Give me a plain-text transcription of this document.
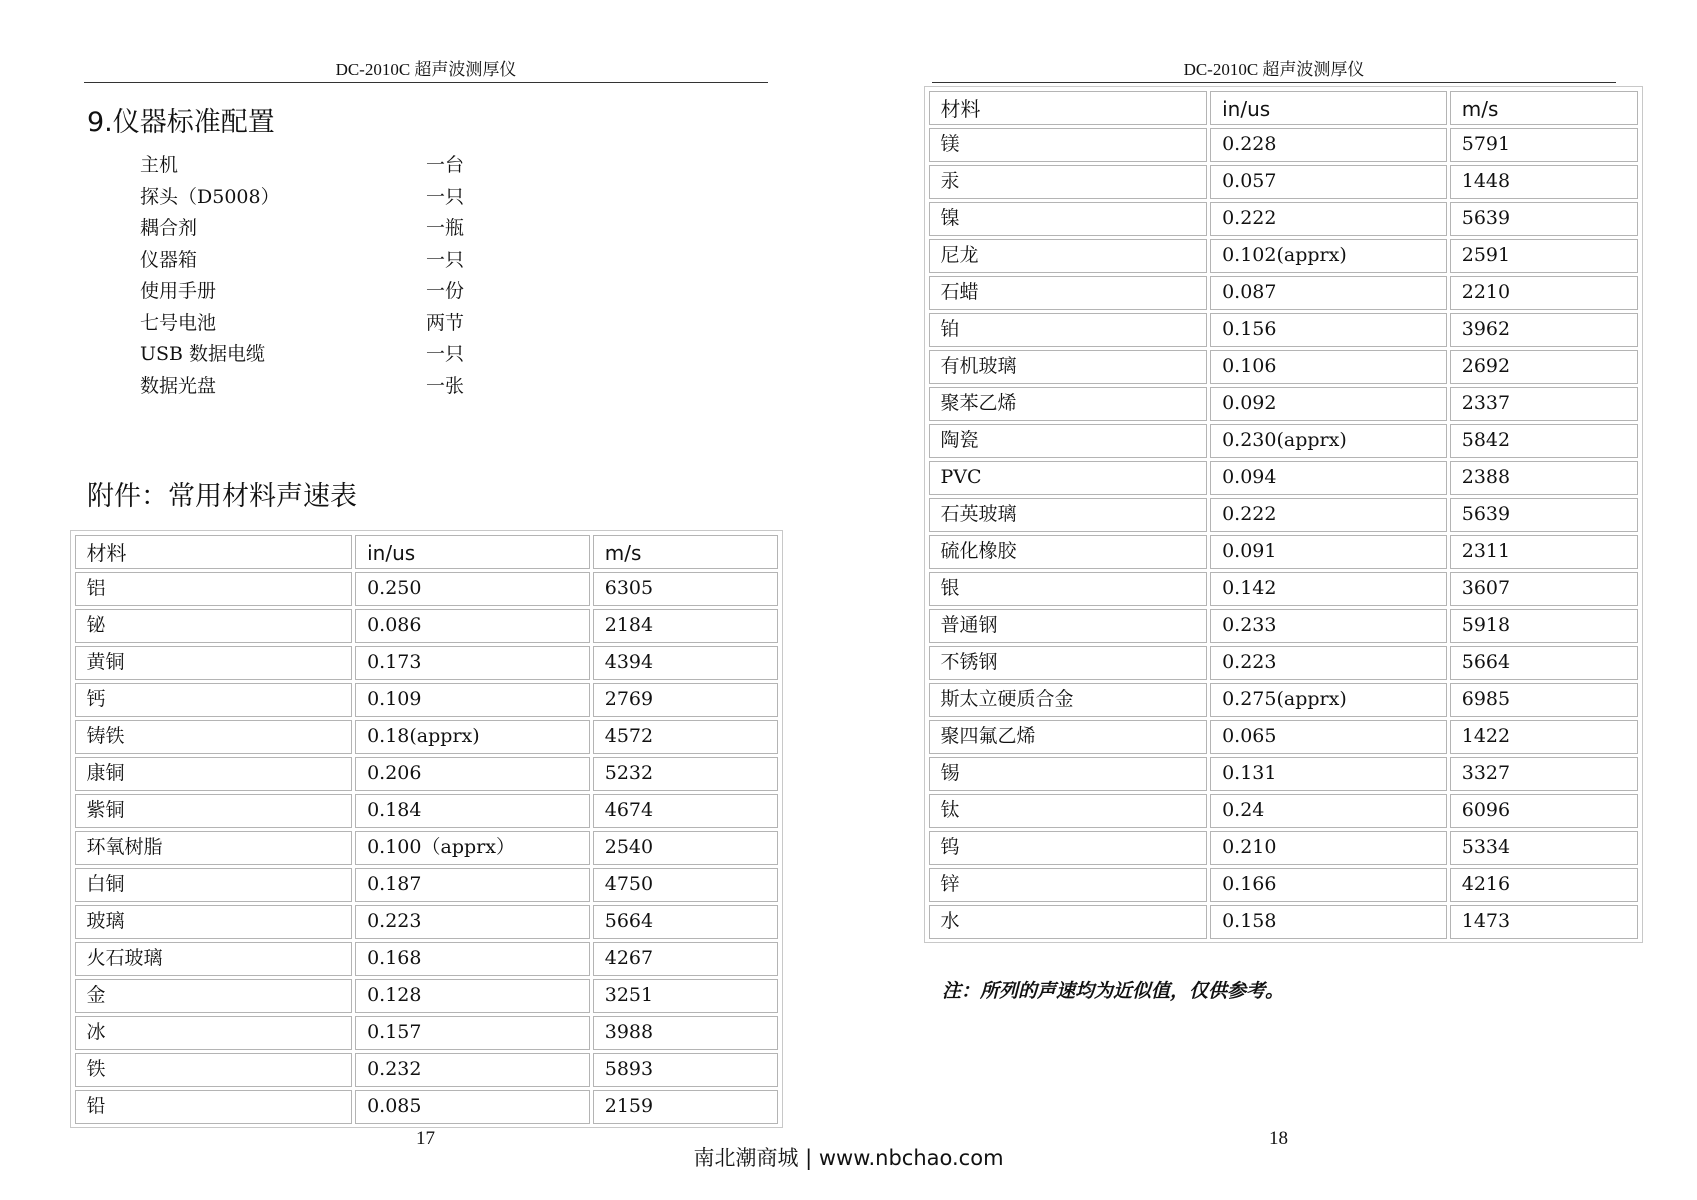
DC-2010C 超声波测厚仪
9.仪器标准配置
主机	一台
探头（D5008）	一只
耦合剂	一瓶
仪器箱	一只
使用手册	一份
七号电池	两节
USB 数据电缆	一只
数据光盘	一张
附件：常用材料声速表
材料	in/us	m/s
铝	0.250	6305
铋	0.086	2184
黄铜	0.173	4394
钙	0.109	2769
铸铁	0.18(apprx)	4572
康铜	0.206	5232
紫铜	0.184	4674
环氧树脂	0.100（apprx）	2540
白铜	0.187	4750
玻璃	0.223	5664
火石玻璃	0.168	4267
金	0.128	3251
冰	0.157	3988
铁	0.232	5893
铅	0.085	2159
17
DC-2010C 超声波测厚仪
材料	in/us	m/s
镁	0.228	5791
汞	0.057	1448
镍	0.222	5639
尼龙	0.102(apprx)	2591
石蜡	0.087	2210
铂	0.156	3962
有机玻璃	0.106	2692
聚苯乙烯	0.092	2337
陶瓷	0.230(apprx)	5842
PVC	0.094	2388
石英玻璃	0.222	5639
硫化橡胶	0.091	2311
银	0.142	3607
普通钢	0.233	5918
不锈钢	0.223	5664
斯太立硬质合金	0.275(apprx)	6985
聚四氟乙烯	0.065	1422
锡	0.131	3327
钛	0.24	6096
钨	0.210	5334
锌	0.166	4216
水	0.158	1473
注：所列的声速均为近似值，仅供参考。
18
南北潮商城 | www.nbchao.com
